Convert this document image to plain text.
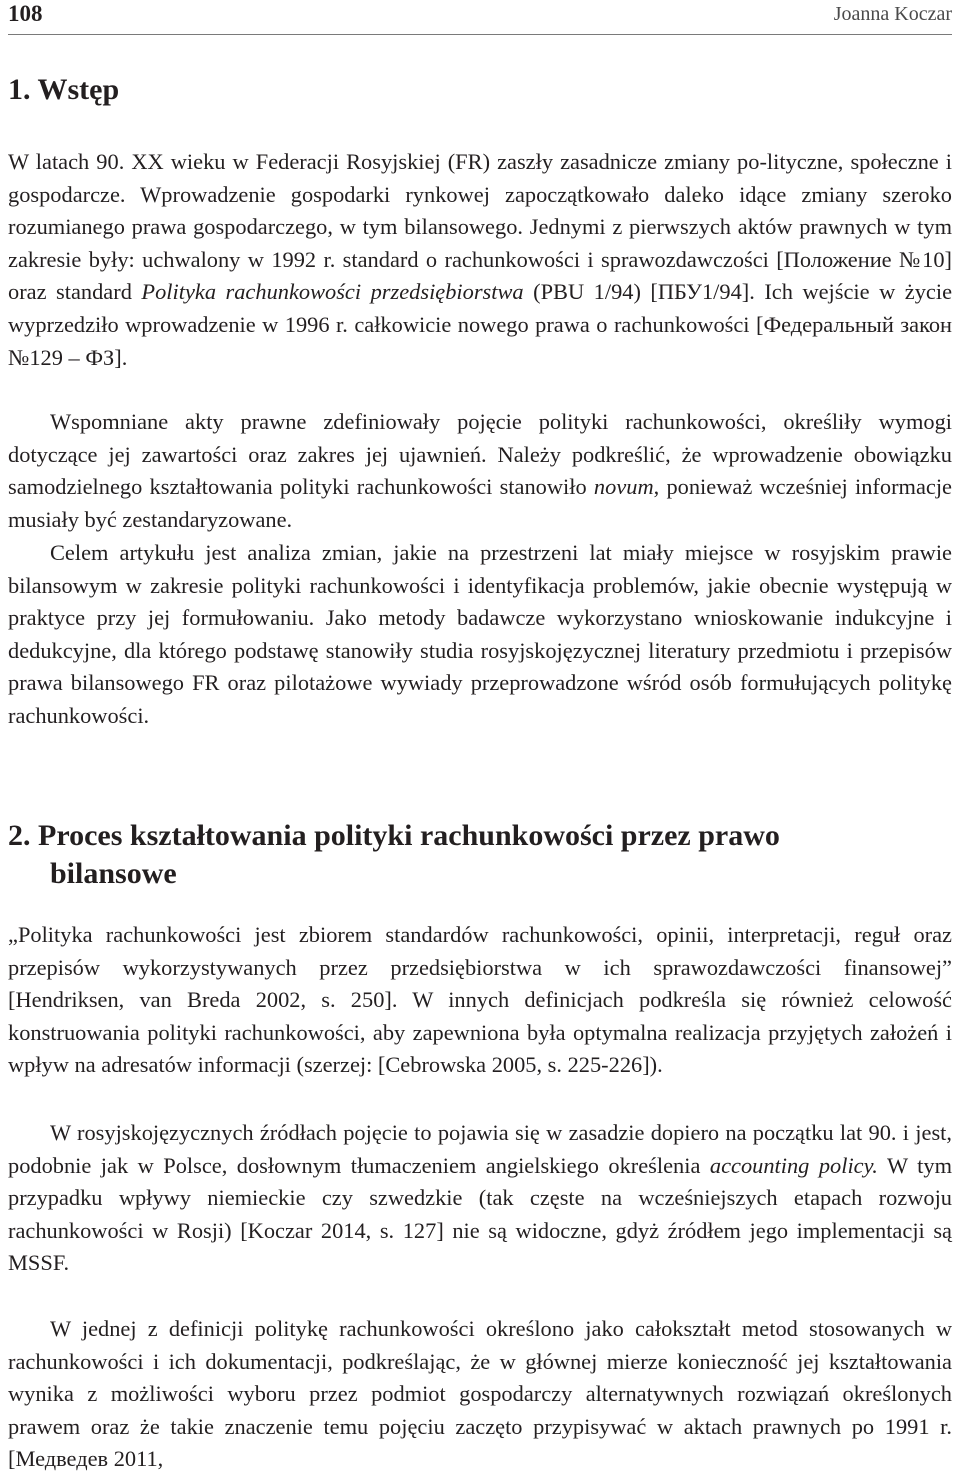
108	Joanna Koczar
1. Wstęp

W latach 90. XX wieku w Federacji Rosyjskiej (FR) zaszły zasadnicze zmiany po-lityczne, społeczne i gospodarcze. Wprowadzenie gospodarki rynkowej zapoczątkowało daleko idące zmiany szeroko rozumianego prawa gospodarczego, w tym bilansowego. Jednymi z pierwszych aktów prawnych w tym zakresie były: uchwalony w 1992 r. standard o rachunkowości i sprawozdawczości [Положение №10] oraz standard Polityka rachunkowości przedsiębiorstwa (PBU 1/94) [ПБУ1/94]. Ich wejście w życie wyprzedziło wprowadzenie w 1996 r. całkowicie nowego prawa o rachunkowości [Федеральный закон №129 – ФЗ].

Wspomniane akty prawne zdefiniowały pojęcie polityki rachunkowości, określiły wymogi dotyczące jej zawartości oraz zakres jej ujawnień. Należy podkreślić, że wprowadzenie obowiązku samodzielnego kształtowania polityki rachunkowości stanowiło novum, ponieważ wcześniej informacje musiały być zestandaryzowane.

Celem artykułu jest analiza zmian, jakie na przestrzeni lat miały miejsce w rosyjskim prawie bilansowym w zakresie polityki rachunkowości i identyfikacja problemów, jakie obecnie występują w praktyce przy jej formułowaniu. Jako metody badawcze wykorzystano wnioskowanie indukcyjne i dedukcyjne, dla którego podstawę stanowiły studia rosyjskojęzycznej literatury przedmiotu i przepisów prawa bilansowego FR oraz pilotażowe wywiady przeprowadzone wśród osób formułujących politykę rachunkowości.

2. Proces kształtowania polityki rachunkowości przez prawo
bilansowe

„Polityka rachunkowości jest zbiorem standardów rachunkowości, opinii, interpretacji, reguł oraz przepisów wykorzystywanych przez przedsiębiorstwa w ich sprawozdawczości finansowej” [Hendriksen, van Breda 2002, s. 250]. W innych definicjach podkreśla się również celowość konstruowania polityki rachunkowości, aby zapewniona była optymalna realizacja przyjętych założeń i wpływ na adresatów informacji (szerzej: [Cebrowska 2005, s. 225-226]).

W rosyjskojęzycznych źródłach pojęcie to pojawia się w zasadzie dopiero na początku lat 90. i jest, podobnie jak w Polsce, dosłownym tłumaczeniem angielskiego określenia accounting policy. W tym przypadku wpływy niemieckie czy szwedzkie (tak częste na wcześniejszych etapach rozwoju rachunkowości w Rosji) [Koczar 2014, s. 127] nie są widoczne, gdyż źródłem jego implementacji są MSSF.

W jednej z definicji politykę rachunkowości określono jako całokształt metod stosowanych w rachunkowości i ich dokumentacji, podkreślając, że w głównej mierze konieczność jej kształtowania wynika z możliwości wyboru przez podmiot gospodarczy alternatywnych rozwiązań określonych prawem oraz że takie znaczenie temu pojęciu zaczęto przypisywać w aktach prawnych po 1991 r. [Медведев 2011,
